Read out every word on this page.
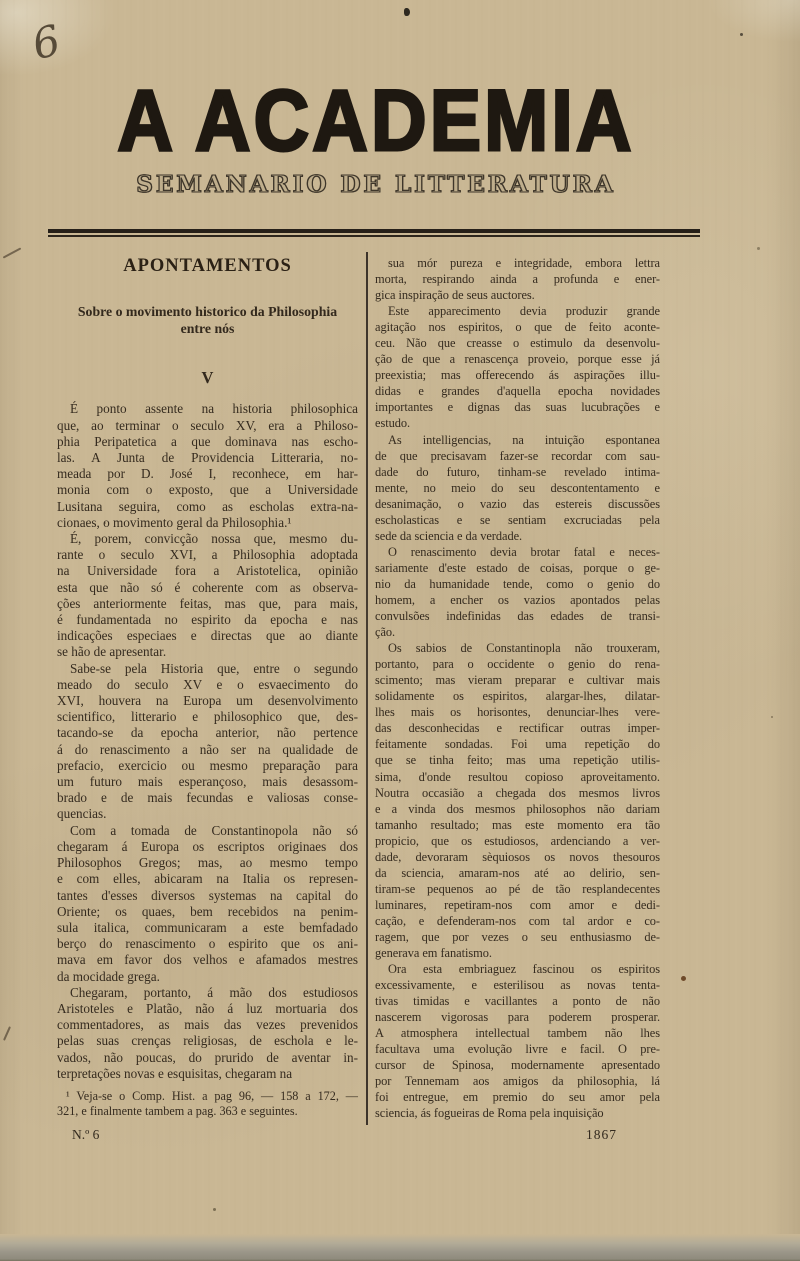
6
A ACADEMIA
SEMANARIO DE LITTERATURA
APONTAMENTOS
Sobre o movimento historico da Philosophia
entre nós
V

É ponto assente na historia philosophica
que, ao terminar o seculo XV, era a Philoso-
phia Peripatetica a que dominava nas escho-
las. A Junta de Providencia Litteraria, no-
meada por D. José I, reconhece, em har-
monia com o exposto, que a Universidade
Lusitana seguira, como as escholas extra-na-
cionaes, o movimento geral da Philosophia.¹

É, porem, convicção nossa que, mesmo du-
rante o seculo XVI, a Philosophia adoptada
na Universidade fora a Aristotelica, opinião
esta que não só é coherente com as observa-
ções anteriormente feitas, mas que, para mais,
é fundamentada no espirito da epocha e nas
indicações especiaes e directas que ao diante
se hão de apresentar.

Sabe-se pela Historia que, entre o segundo
meado do seculo XV e o esvaecimento do
XVI, houvera na Europa um desenvolvimento
scientifico, litterario e philosophico que, des-
tacando-se da epocha anterior, não pertence
á do renascimento a não ser na qualidade de
prefacio, exercicio ou mesmo preparação para
um futuro mais esperançoso, mais desassom-
brado e de mais fecundas e valiosas conse-
quencias.

Com a tomada de Constantinopola não só
chegaram á Europa os escriptos originaes dos
Philosophos Gregos; mas, ao mesmo tempo
e com elles, abicaram na Italia os represen-
tantes d'esses diversos systemas na capital do
Oriente; os quaes, bem recebidos na penim-
sula italica, communicaram a este bemfadado
berço do renascimento o espirito que os ani-
mava em favor dos velhos e afamados mestres
da mocidade grega.

Chegaram, portanto, á mão dos estudiosos
Aristoteles e Platão, não á luz mortuaria dos
commentadores, as mais das vezes prevenidos
pelas suas crenças religiosas, de eschola e le-
vados, não poucas, do prurido de aventar in-
terpretações novas e esquisitas, chegaram na

¹ Veja-se o Comp. Hist. a pag 96, — 158 a 172, —
321, e finalmente tambem a pag. 363 e seguintes.

sua mór pureza e integridade, embora lettra
morta, respirando ainda a profunda e ener-
gica inspiração de seus auctores.

Este apparecimento devia produzir grande
agitação nos espiritos, o que de feito aconte-
ceu. Não que creasse o estimulo da desenvolu-
ção de que a renascença proveio, porque esse já
preexistia; mas offerecendo ás aspirações illu-
didas e grandes d'aquella epocha novidades
importantes e dignas das suas lucubrações e
estudo.

As intelligencias, na intuição espontanea
de que precisavam fazer-se recordar com sau-
dade do futuro, tinham-se revelado intima-
mente, no meio do seu descontentamento e
desanimação, o vazio das estereis discussões
escholasticas e se sentiam excruciadas pela
sede da sciencia e da verdade.

O renascimento devia brotar fatal e neces-
sariamente d'este estado de coisas, porque o ge-
nio da humanidade tende, como o genio do
homem, a encher os vazios apontados pelas
convulsões indefinidas das edades de transi-
ção.

Os sabios de Constantinopla não trouxeram,
portanto, para o occidente o genio do rena-
scimento; mas vieram preparar e cultivar mais
solidamente os espiritos, alargar-lhes, dilatar-
lhes mais os horisontes, denunciar-lhes vere-
das desconhecidas e rectificar outras imper-
feitamente sondadas. Foi uma repetição do
que se tinha feito; mas uma repetição utilis-
sima, d'onde resultou copioso aproveitamento.
Noutra occasião a chegada dos mesmos livros
e a vinda dos mesmos philosophos não dariam
tamanho resultado; mas este momento era tão
propicio, que os estudiosos, ardenciando a ver-
dade, devoraram sèquiosos os novos thesouros
da sciencia, amaram-nos até ao delirio, sen-
tiram-se pequenos ao pé de tão resplandecentes
luminares, repetiram-nos com amor e dedi-
cação, e defenderam-nos com tal ardor e co-
ragem, que por vezes o seu enthusiasmo de-
generava em fanatismo.

Ora esta embriaguez fascinou os espiritos
excessivamente, e esterilisou as novas tenta-
tivas timidas e vacillantes a ponto de não
nascerem vigorosas para poderem prosperar.
A atmosphera intellectual tambem não lhes
facultava uma evolução livre e facil. O pre-
cursor de Spinosa, modernamente apresentado
por Tennemam aos amigos da philosophia, lá
foi entregue, em premio do seu amor pela
sciencia, ás fogueiras de Roma pela inquisição

N.º 6	1867
